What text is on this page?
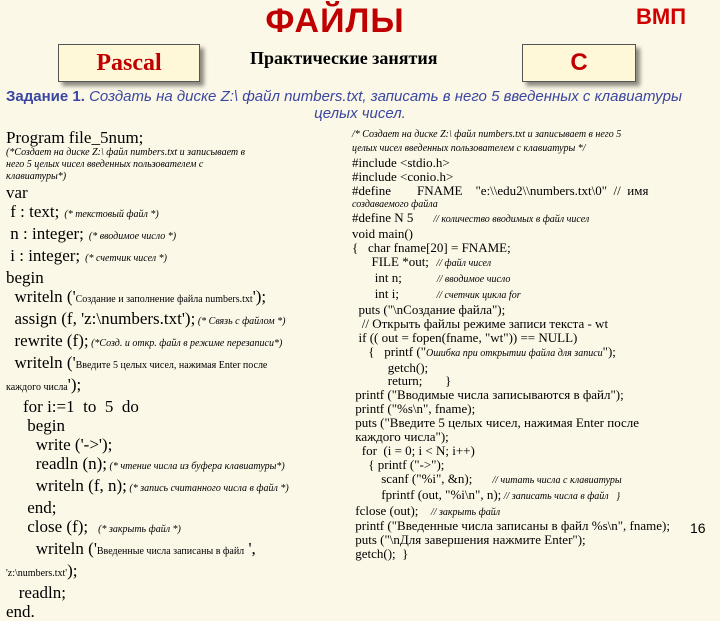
ФАЙЛЫ	ВМП
Pascal	Практические занятия	C
Задание 1. Создать на диске Z:\ файл numbers.txt, записать в него 5 введенных с клавиатуры
целых чисел.
Program file_5num;
(*Создает на диске Z:\ файл numbers.txt и записывает в
него 5 целых чисел введенных пользователем с
клавиатуры*)
var
f : text;  (* текстовый файл *)
n : integer;  (* вводимое число *)
i : integer;  (* счетчик чисел *)
begin
writeln ('Создание и заполнение файла numbers.txt');
assign (f, 'z:\numbers.txt'); (* Связь с файлом *)
rewrite (f); (*Созд. и откр. файл в режиме перезаписи*)
writeln ('Введите 5 целых чисел, нажимая Enter после
каждого числа');
for i:=1  to  5  do
begin
write ('->');
readln (n); (* чтение числа из буфера клавиатуры*)
writeln (f, n); (* запись считанного числа в файл *)
end;
close (f);    (* закрыть файл *)
writeln ('Введенные числа записаны в файл ',
'z:\numbers.txt');
readln;
end.
/* Создает на диске Z:\ файл numbers.txt и записывает в него 5
целых чисел введенных пользователем с клавиатуры */
#include <stdio.h>
#include <conio.h>
#define        FNAME    "e:\\edu2\\numbers.txt\0"  //  имя
создаваемого файла
#define N 5        // количество вводимых в файл чисел
void main()
{   char fname[20] = FNAME;
FILE *out;   // файл чисел
int n;              // вводимое число
int i;               // счетчик цикла for
puts ("\nСоздание файла");
// Открыть файлы режиме записи текста - wt
if (( out = fopen(fname, "wt")) == NULL)
{   printf ("Ошибка при открытии файла для записи");
getch();
return;       }
printf ("Вводимые числа записываются в файл");
printf ("%s\n", fname);
puts ("Введите 5 целых чисел, нажимая Enter после
каждого числа");
for  (i = 0; i < N; i++)
{ printf ("->");
scanf ("%i", &n);        // читать числа с клавиатуры
fprintf (out, "%i\n", n); // записать числа в файл   }
fclose (out);     // закрыть файл
printf ("Введенные числа записаны в файл %s\n", fname);
puts ("\nДля завершения нажмите Enter");
getch();  }
16
